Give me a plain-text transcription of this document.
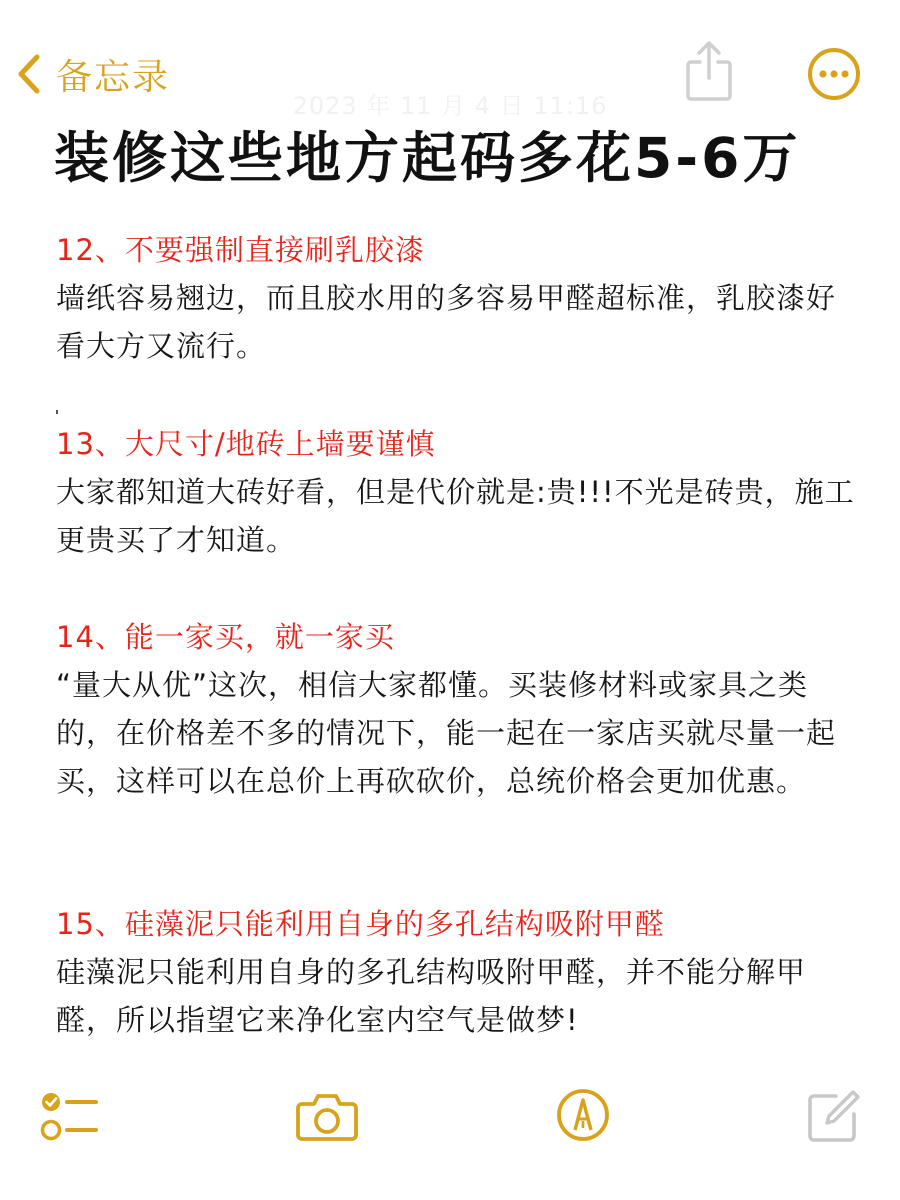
备忘录
2023 年 11 月 4 日 11:16
装修这些地方起码多花5-6万
12、不要强制直接刷乳胶漆
墙纸容易翘边，而且胶水用的多容易甲醛超标准，乳胶漆好看大方又流行。
13、大尺寸/地砖上墙要谨慎
大家都知道大砖好看，但是代价就是:贵!!!不光是砖贵，施工更贵买了才知道。
14、能一家买，就一家买
“量大从优”这次，相信大家都懂。买装修材料或家具之类的，在价格差不多的情况下，能一起在一家店买就尽量一起买，这样可以在总价上再砍砍价，总统价格会更加优惠。
15、硅藻泥只能利用自身的多孔结构吸附甲醛
硅藻泥只能利用自身的多孔结构吸附甲醛，并不能分解甲醛，所以指望它来净化室内空气是做梦!
